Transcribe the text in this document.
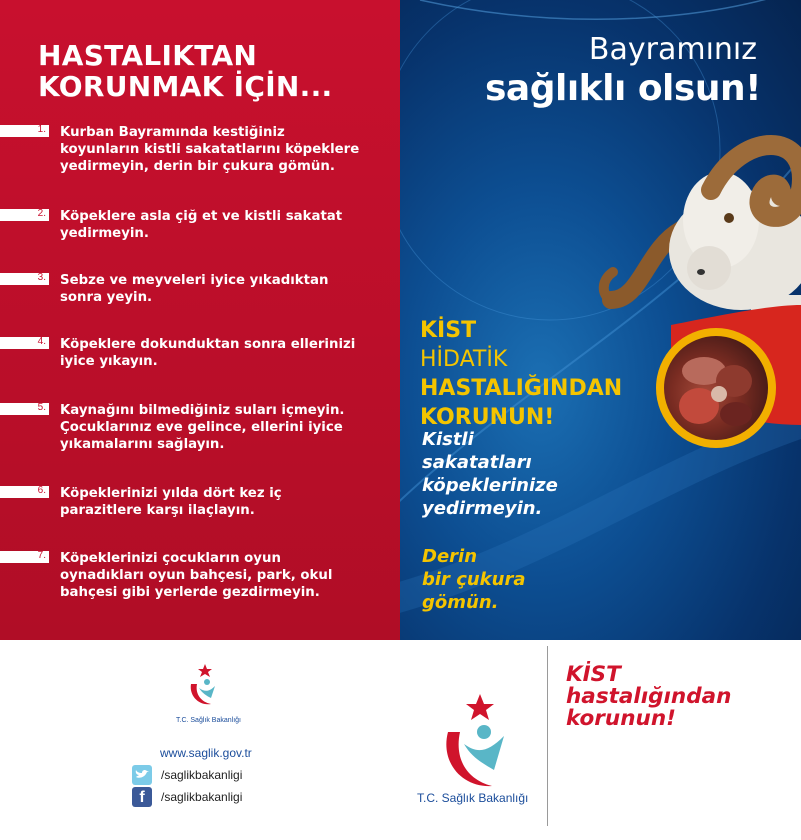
HASTALIKTAN
KORUNMAK İÇİN...
1. Kurban Bayramında kestiğiniz
koyunların kistli sakatatlarını köpeklere
yedirmeyin, derin bir çukura gömün.
2. Köpeklere asla çiğ et ve kistli sakatat
yedirmeyin.
3. Sebze ve meyveleri iyice yıkadıktan
sonra yeyin.
4. Köpeklere dokunduktan sonra ellerinizi
iyice yıkayın.
5. Kaynağını bilmediğiniz suları içmeyin.
Çocuklarınız eve gelince, ellerini iyice
yıkamalarını sağlayın.
6. Köpeklerinizi yılda dört kez iç
parazitlere karşı ilaçlayın.
7. Köpeklerinizi çocukların oyun
oynadıkları oyun bahçesi, park, okul
bahçesi gibi yerlerde gezdirmeyin.
Bayramınız
sağlıklı olsun!
KİST
HİDATİK
HASTALIĞINDAN
KORUNUN!
Kistli
sakatatları
köpeklerinize
yedirmeyin.
Derin
bir çukura
gömün.
T.C. Sağlık Bakanlığı
www.saglik.gov.tr
/saglikbakanligi
f	/saglikbakanligi	T.C. Sağlık Bakanlığı
KİST
hastalığından
korunun!
